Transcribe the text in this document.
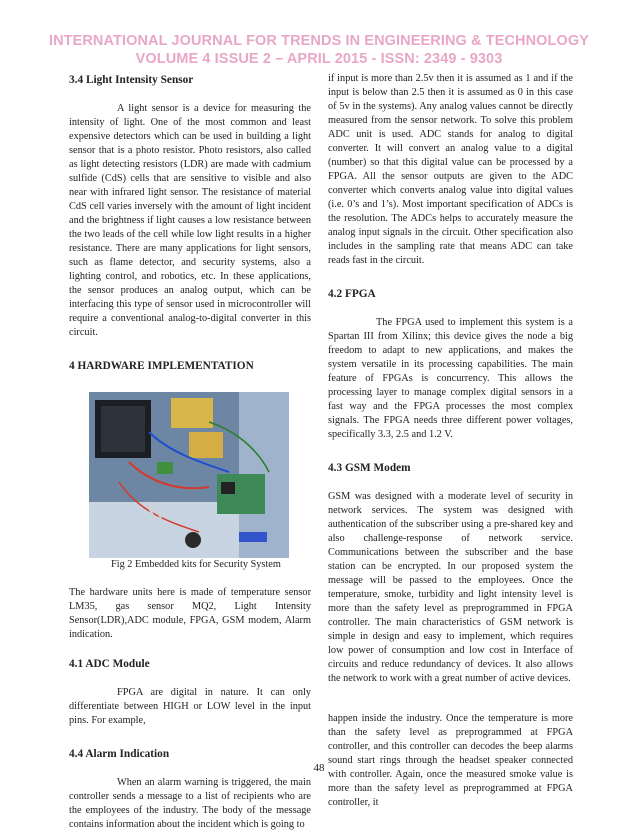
INTERNATIONAL JOURNAL FOR TRENDS IN ENGINEERING & TECHNOLOGY
VOLUME 4 ISSUE 2 – APRIL 2015 - ISSN: 2349 - 9303
3.4 Light Intensity Sensor

A light sensor is a device for measuring the intensity of light. One of the most common and least expensive detectors which can be used in building a light sensor that is a photo resistor. Photo resistors, also called as light detecting resistors (LDR) are made with cadmium sulfide (CdS) cells that are sensitive to visible and also near with infrared light sensor. The resistance of material CdS cell varies inversely with the amount of light incident and the brightness if light causes a low resistance between the two leads of the cell while low light results in a higher resistance. There are many applications for light sensors, such as flame detector, and security systems, also a lighting control, and robotics, etc. In these applications, the sensor produces an analog output, which can be interfacing this type of sensor used in microcontroller will require a conventional analog-to-digital converter in this circuit.

4 HARDWARE IMPLEMENTATION

Fig 2 Embedded kits for Security System

The hardware units here is made of temperature sensor LM35, gas sensor MQ2, Light Intensity Sensor(LDR),ADC module, FPGA, GSM modem, Alarm indication.

4.1 ADC Module

FPGA are digital in nature. It can only differentiate between HIGH or LOW level in the input pins. For example,

4.4 Alarm Indication

When an alarm warning is triggered, the main controller sends a message to a list of recipients who are the employees of the industry. The body of the message contains information about the incident which is going to

if input is more than 2.5v then it is assumed as 1 and if the input is below than 2.5 then it is assumed as 0 in this case of 5v in the systems). Any analog values cannot be directly measured from the sensor network. To solve this problem ADC unit is used. ADC stands for analog to digital converter. It will convert an analog value to a digital (number) so that this digital value can be processed by a FPGA. All the sensor outputs are given to the ADC converter which converts analog value into digital values (i.e. 0’s and 1’s). Most important specification of ADCs is the resolution. The ADCs helps to accurately measure the analog input signals in the circuit. Other specification also includes in the sampling rate that means ADC can take reads fast in the circuit.

4.2 FPGA

The FPGA used to implement this system is a Spartan III from Xilinx; this device gives the node a big freedom to adapt to new applications, and makes the system versatile in its processing capabilities. The main feature of FPGAs is concurrency. This allows the processing layer to manage complex digital sensors in a fast way and the FPGA processes the most complex signals. The FPGA needs three different power voltages, specifically 3.3, 2.5 and 1.2 V.

4.3 GSM Modem

GSM was designed with a moderate level of security in network services. The system was designed with authentication of the subscriber using a pre-shared key and also challenge-response of network service. Communications between the subscriber and the base station can be encrypted. In our proposed system the message will be passed to the employees. Once the temperature, smoke, turbidity and light intensity level is more than the safety level as preprogrammed in FPGA controller. The main characteristics of GSM network is simple in design and easy to implement, which requires low power of consumption and low cost in Interface of circuits and reduce redundancy of devices. It also allows the network to work with a great number of active devices.

happen inside the industry. Once the temperature is more than the safety level as preprogrammed at FPGA controller, and this controller can decodes the beep alarms sound start rings through the headset speaker connected with controller. Again, once the measured smoke value is more than the safety level as preprogrammed at FPGA controller, it

48
